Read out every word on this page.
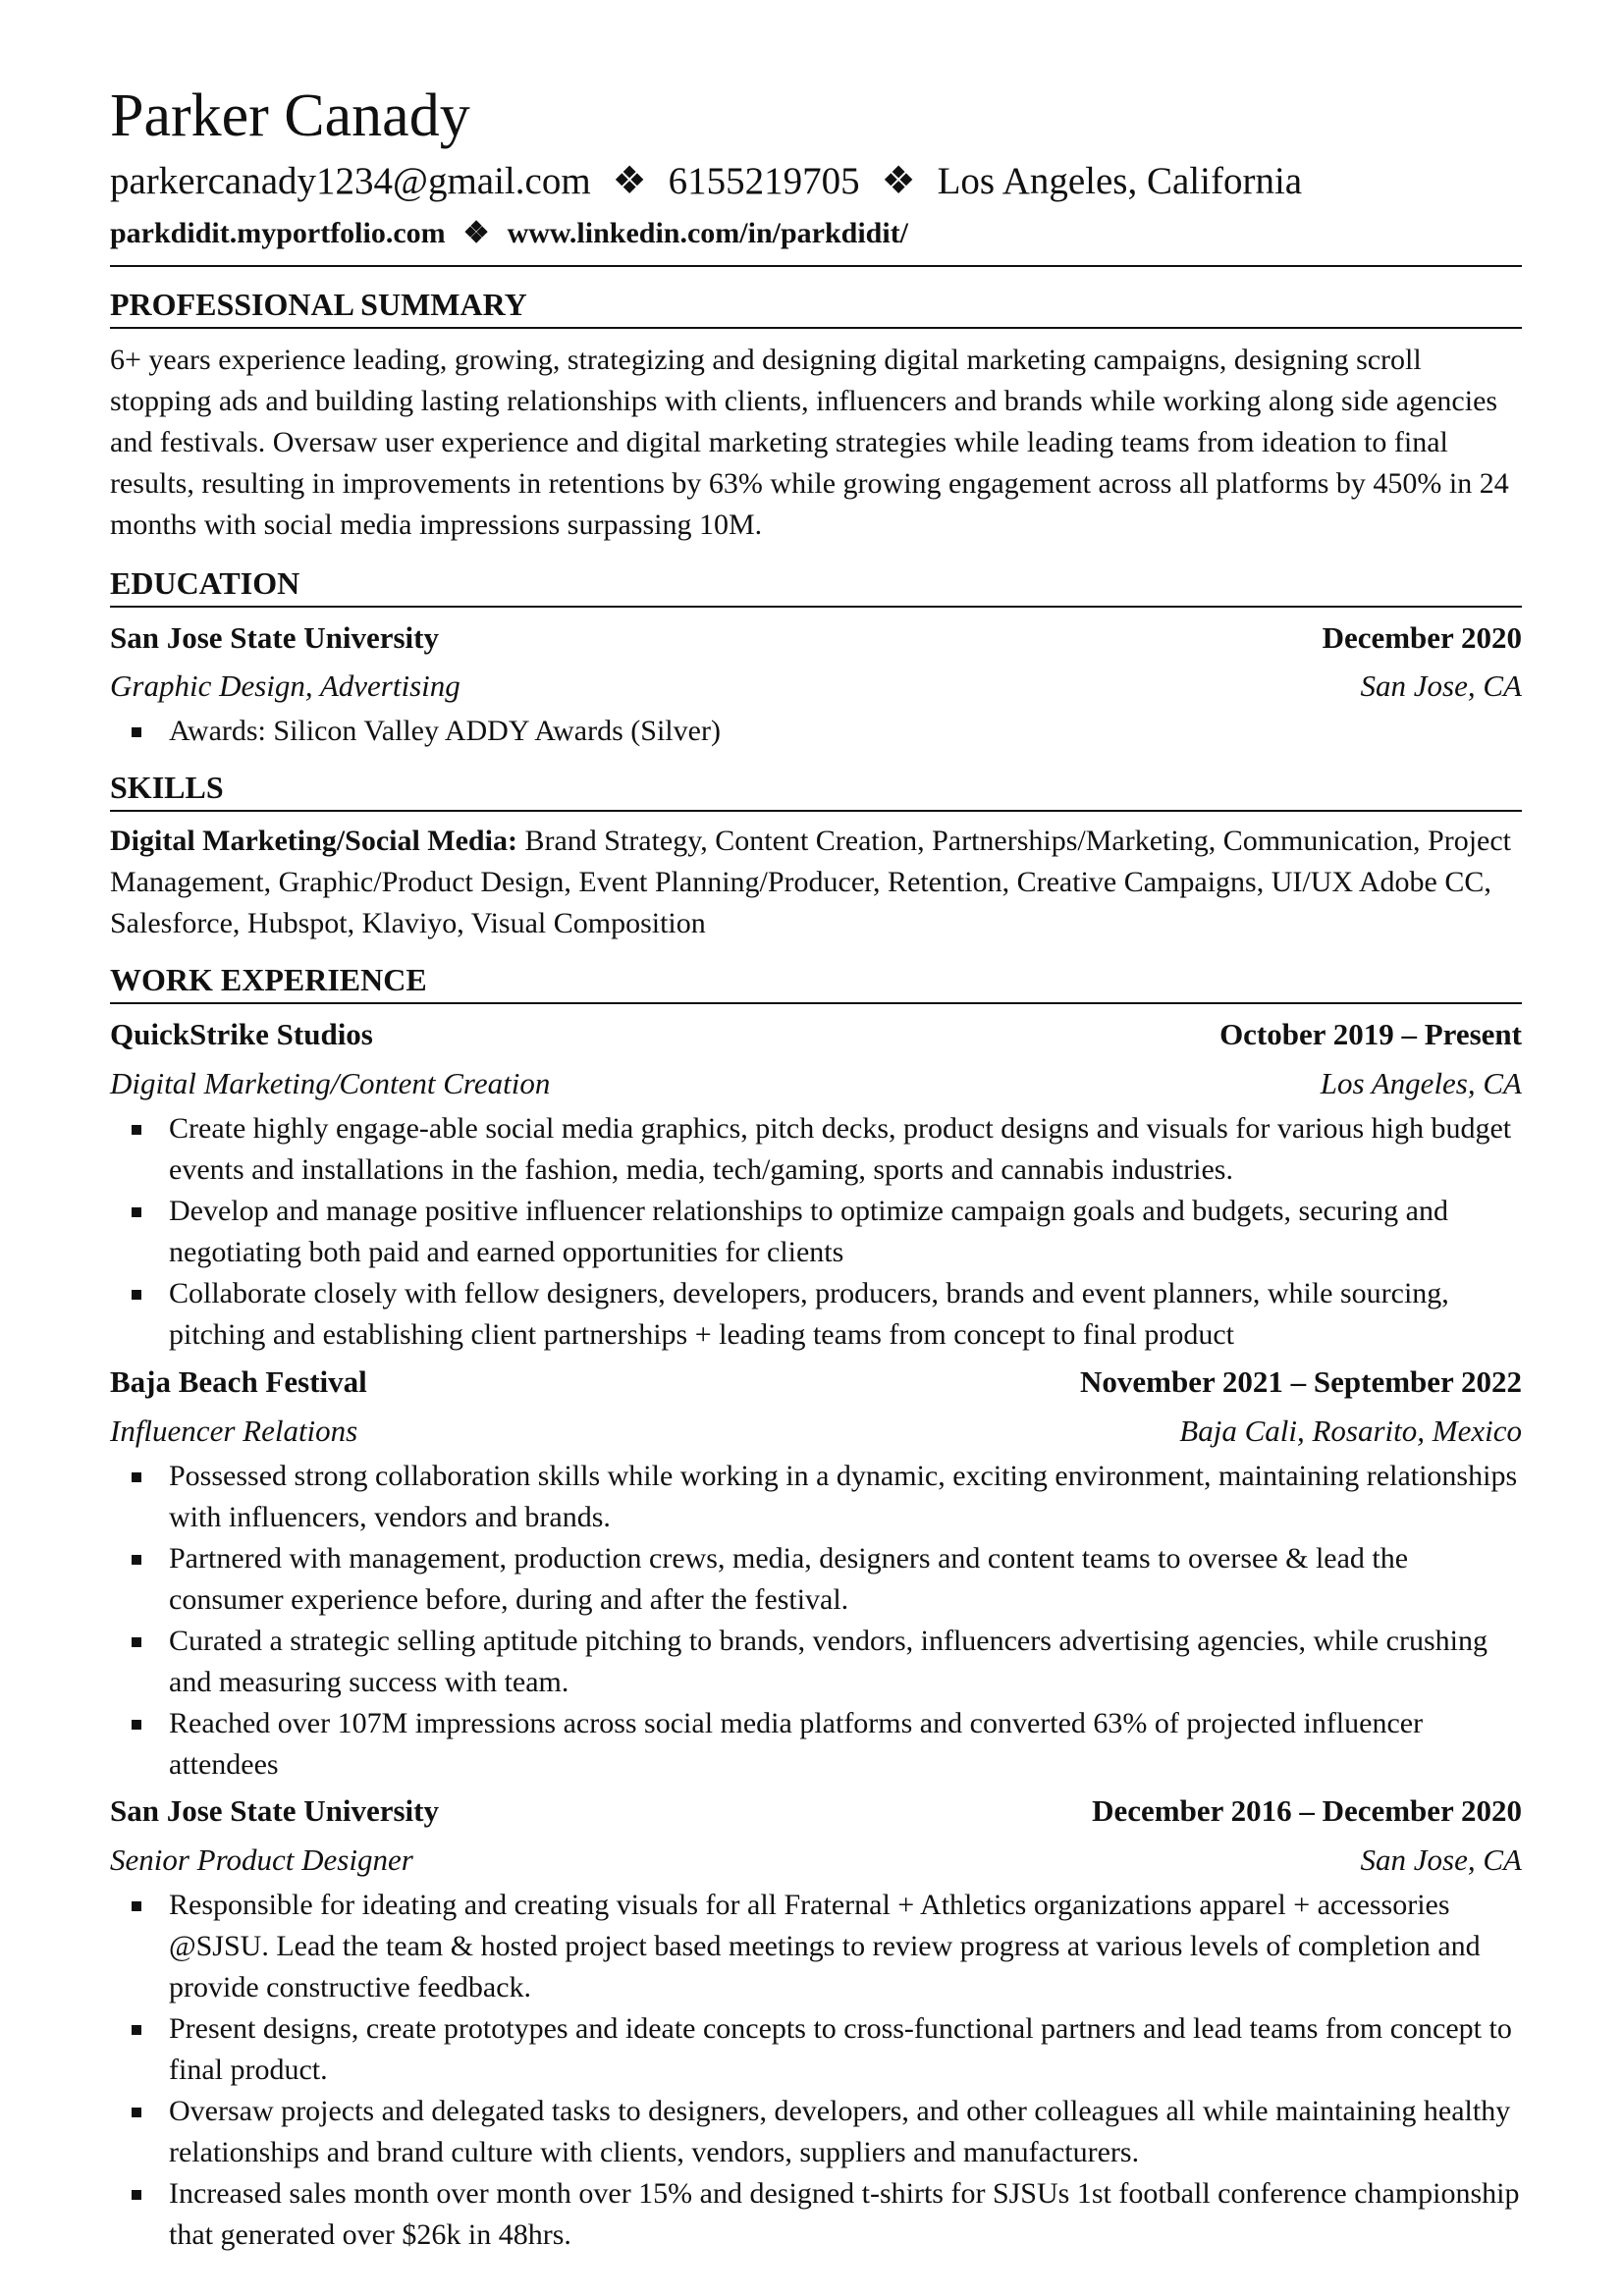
Parker Canady
parkercanady1234@gmail.com ❖ 6155219705 ❖ Los Angeles, California
parkdidit.myportfolio.com ❖ www.linkedin.com/in/parkdidit/
PROFESSIONAL SUMMARY
6+ years experience leading, growing, strategizing and designing digital marketing campaigns, designing scroll stopping ads and building lasting relationships with clients, influencers and brands while working along side agencies and festivals. Oversaw user experience and digital marketing strategies while leading teams from ideation to final results, resulting in improvements in retentions by 63% while growing engagement across all platforms by 450% in 24 months with social media impressions surpassing 10M.
EDUCATION
San Jose State University	December 2020
Graphic Design, Advertising	San Jose, CA
Awards: Silicon Valley ADDY Awards (Silver)
SKILLS
Digital Marketing/Social Media: Brand Strategy, Content Creation, Partnerships/Marketing, Communication, Project Management, Graphic/Product Design, Event Planning/Producer, Retention, Creative Campaigns, UI/UX Adobe CC, Salesforce, Hubspot, Klaviyo, Visual Composition
WORK EXPERIENCE
QuickStrike Studios	October 2019 – Present
Digital Marketing/Content Creation	Los Angeles, CA
Create highly engage-able social media graphics, pitch decks, product designs and visuals for various high budget events and installations in the fashion, media, tech/gaming, sports and cannabis industries.
Develop and manage positive influencer relationships to optimize campaign goals and budgets, securing and negotiating both paid and earned opportunities for clients
Collaborate closely with fellow designers, developers, producers, brands and event planners, while sourcing, pitching and establishing client partnerships + leading teams from concept to final product
Baja Beach Festival	November 2021 – September 2022
Influencer Relations	Baja Cali, Rosarito, Mexico
Possessed strong collaboration skills while working in a dynamic, exciting environment, maintaining relationships with influencers, vendors and brands.
Partnered with management, production crews, media, designers and content teams to oversee & lead the consumer experience before, during and after the festival.
Curated a strategic selling aptitude pitching to brands, vendors, influencers advertising agencies, while crushing and measuring success with team.
Reached over 107M impressions across social media platforms and converted 63% of projected influencer attendees
San Jose State University	December 2016 – December 2020
Senior Product Designer	San Jose, CA
Responsible for ideating and creating visuals for all Fraternal + Athletics organizations apparel + accessories @SJSU. Lead the team & hosted project based meetings to review progress at various levels of completion and provide constructive feedback.
Present designs, create prototypes and ideate concepts to cross-functional partners and lead teams from concept to final product.
Oversaw projects and delegated tasks to designers, developers, and other colleagues all while maintaining healthy relationships and brand culture with clients, vendors, suppliers and manufacturers.
Increased sales month over month over 15% and designed t-shirts for SJSUs 1st football conference championship that generated over $26k in 48hrs.
